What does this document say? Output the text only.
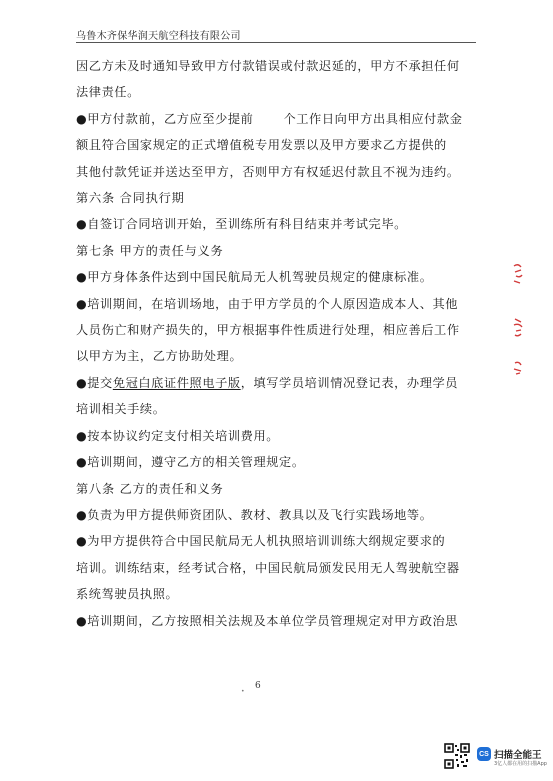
乌鲁木齐保华润天航空科技有限公司

因乙方未及时通知导致甲方付款错误或付款迟延的，甲方不承担任何

法律责任。

●甲方付款前，乙方应至少提前 个工作日向甲方出具相应付款金

额且符合国家规定的正式增值税专用发票以及甲方要求乙方提供的

其他付款凭证并送达至甲方，否则甲方有权延迟付款且不视为违约。

第六条 合同执行期

●自签订合同培训开始，至训练所有科目结束并考试完毕。

第七条 甲方的责任与义务

●甲方身体条件达到中国民航局无人机驾驶员规定的健康标准。

●培训期间，在培训场地，由于甲方学员的个人原因造成本人、其他

人员伤亡和财产损失的，甲方根据事件性质进行处理，相应善后工作

以甲方为主，乙方协助处理。

●提交免冠白底证件照电子版，填写学员培训情况登记表，办理学员

培训相关手续。

●按本协议约定支付相关培训费用。

●培训期间，遵守乙方的相关管理规定。

第八条 乙方的责任和义务

●负责为甲方提供师资团队、教材、教具以及飞行实践场地等。

●为甲方提供符合中国民航局无人机执照培训训练大纲规定要求的

培训。训练结束，经考试合格，中国民航局颁发民用无人驾驶航空器

系统驾驶员执照。

●培训期间，乙方按照相关法规及本单位学员管理规定对甲方政治思

•
6
CS 扫描全能王
3亿人都在用的扫描App
